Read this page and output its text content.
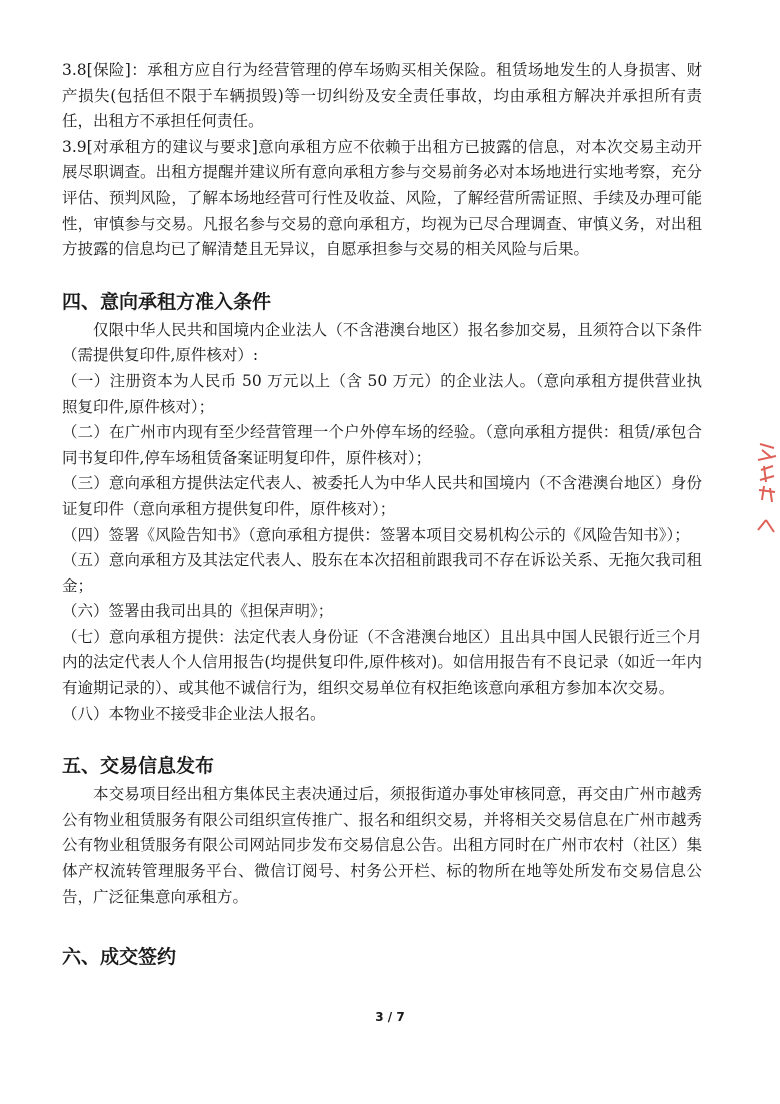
3.8[保险]：承租方应自行为经营管理的停车场购买相关保险。租赁场地发生的人身损害、财产损失(包括但不限于车辆损毁)等一切纠纷及安全责任事故，均由承租方解决并承担所有责任，出租方不承担任何责任。

3.9[对承租方的建议与要求]意向承租方应不依赖于出租方已披露的信息，对本次交易主动开展尽职调查。出租方提醒并建议所有意向承租方参与交易前务必对本场地进行实地考察，充分评估、预判风险，了解本场地经营可行性及收益、风险，了解经营所需证照、手续及办理可能性，审慎参与交易。凡报名参与交易的意向承租方，均视为已尽合理调查、审慎义务，对出租方披露的信息均已了解清楚且无异议，自愿承担参与交易的相关风险与后果。

四、意向承租方准入条件

仅限中华人民共和国境内企业法人（不含港澳台地区）报名参加交易，且须符合以下条件（需提供复印件,原件核对）:

（一）注册资本为人民币 50 万元以上（含 50 万元）的企业法人。（意向承租方提供营业执照复印件,原件核对）；

（二）在广州市内现有至少经营管理一个户外停车场的经验。（意向承租方提供：租赁/承包合同书复印件,停车场租赁备案证明复印件，原件核对）；

（三）意向承租方提供法定代表人、被委托人为中华人民共和国境内（不含港澳台地区）身份证复印件（意向承租方提供复印件，原件核对）；

（四）签署《风险告知书》（意向承租方提供：签署本项目交易机构公示的《风险告知书》）；

（五）意向承租方及其法定代表人、股东在本次招租前跟我司不存在诉讼关系、无拖欠我司租金；

（六）签署由我司出具的《担保声明》；

（七）意向承租方提供：法定代表人身份证（不含港澳台地区）且出具中国人民银行近三个月内的法定代表人个人信用报告(均提供复印件,原件核对)。如信用报告有不良记录（如近一年内有逾期记录的）、或其他不诚信行为，组织交易单位有权拒绝该意向承租方参加本次交易。

（八）本物业不接受非企业法人报名。

五、交易信息发布

本交易项目经出租方集体民主表决通过后，须报街道办事处审核同意，再交由广州市越秀公有物业租赁服务有限公司组织宣传推广、报名和组织交易，并将相关交易信息在广州市越秀公有物业租赁服务有限公司网站同步发布交易信息公告。出租方同时在广州市农村（社区）集体产权流转管理服务平台、微信订阅号、村务公开栏、标的物所在地等处所发布交易信息公告，广泛征集意向承租方。

六、成交签约
3 / 7
